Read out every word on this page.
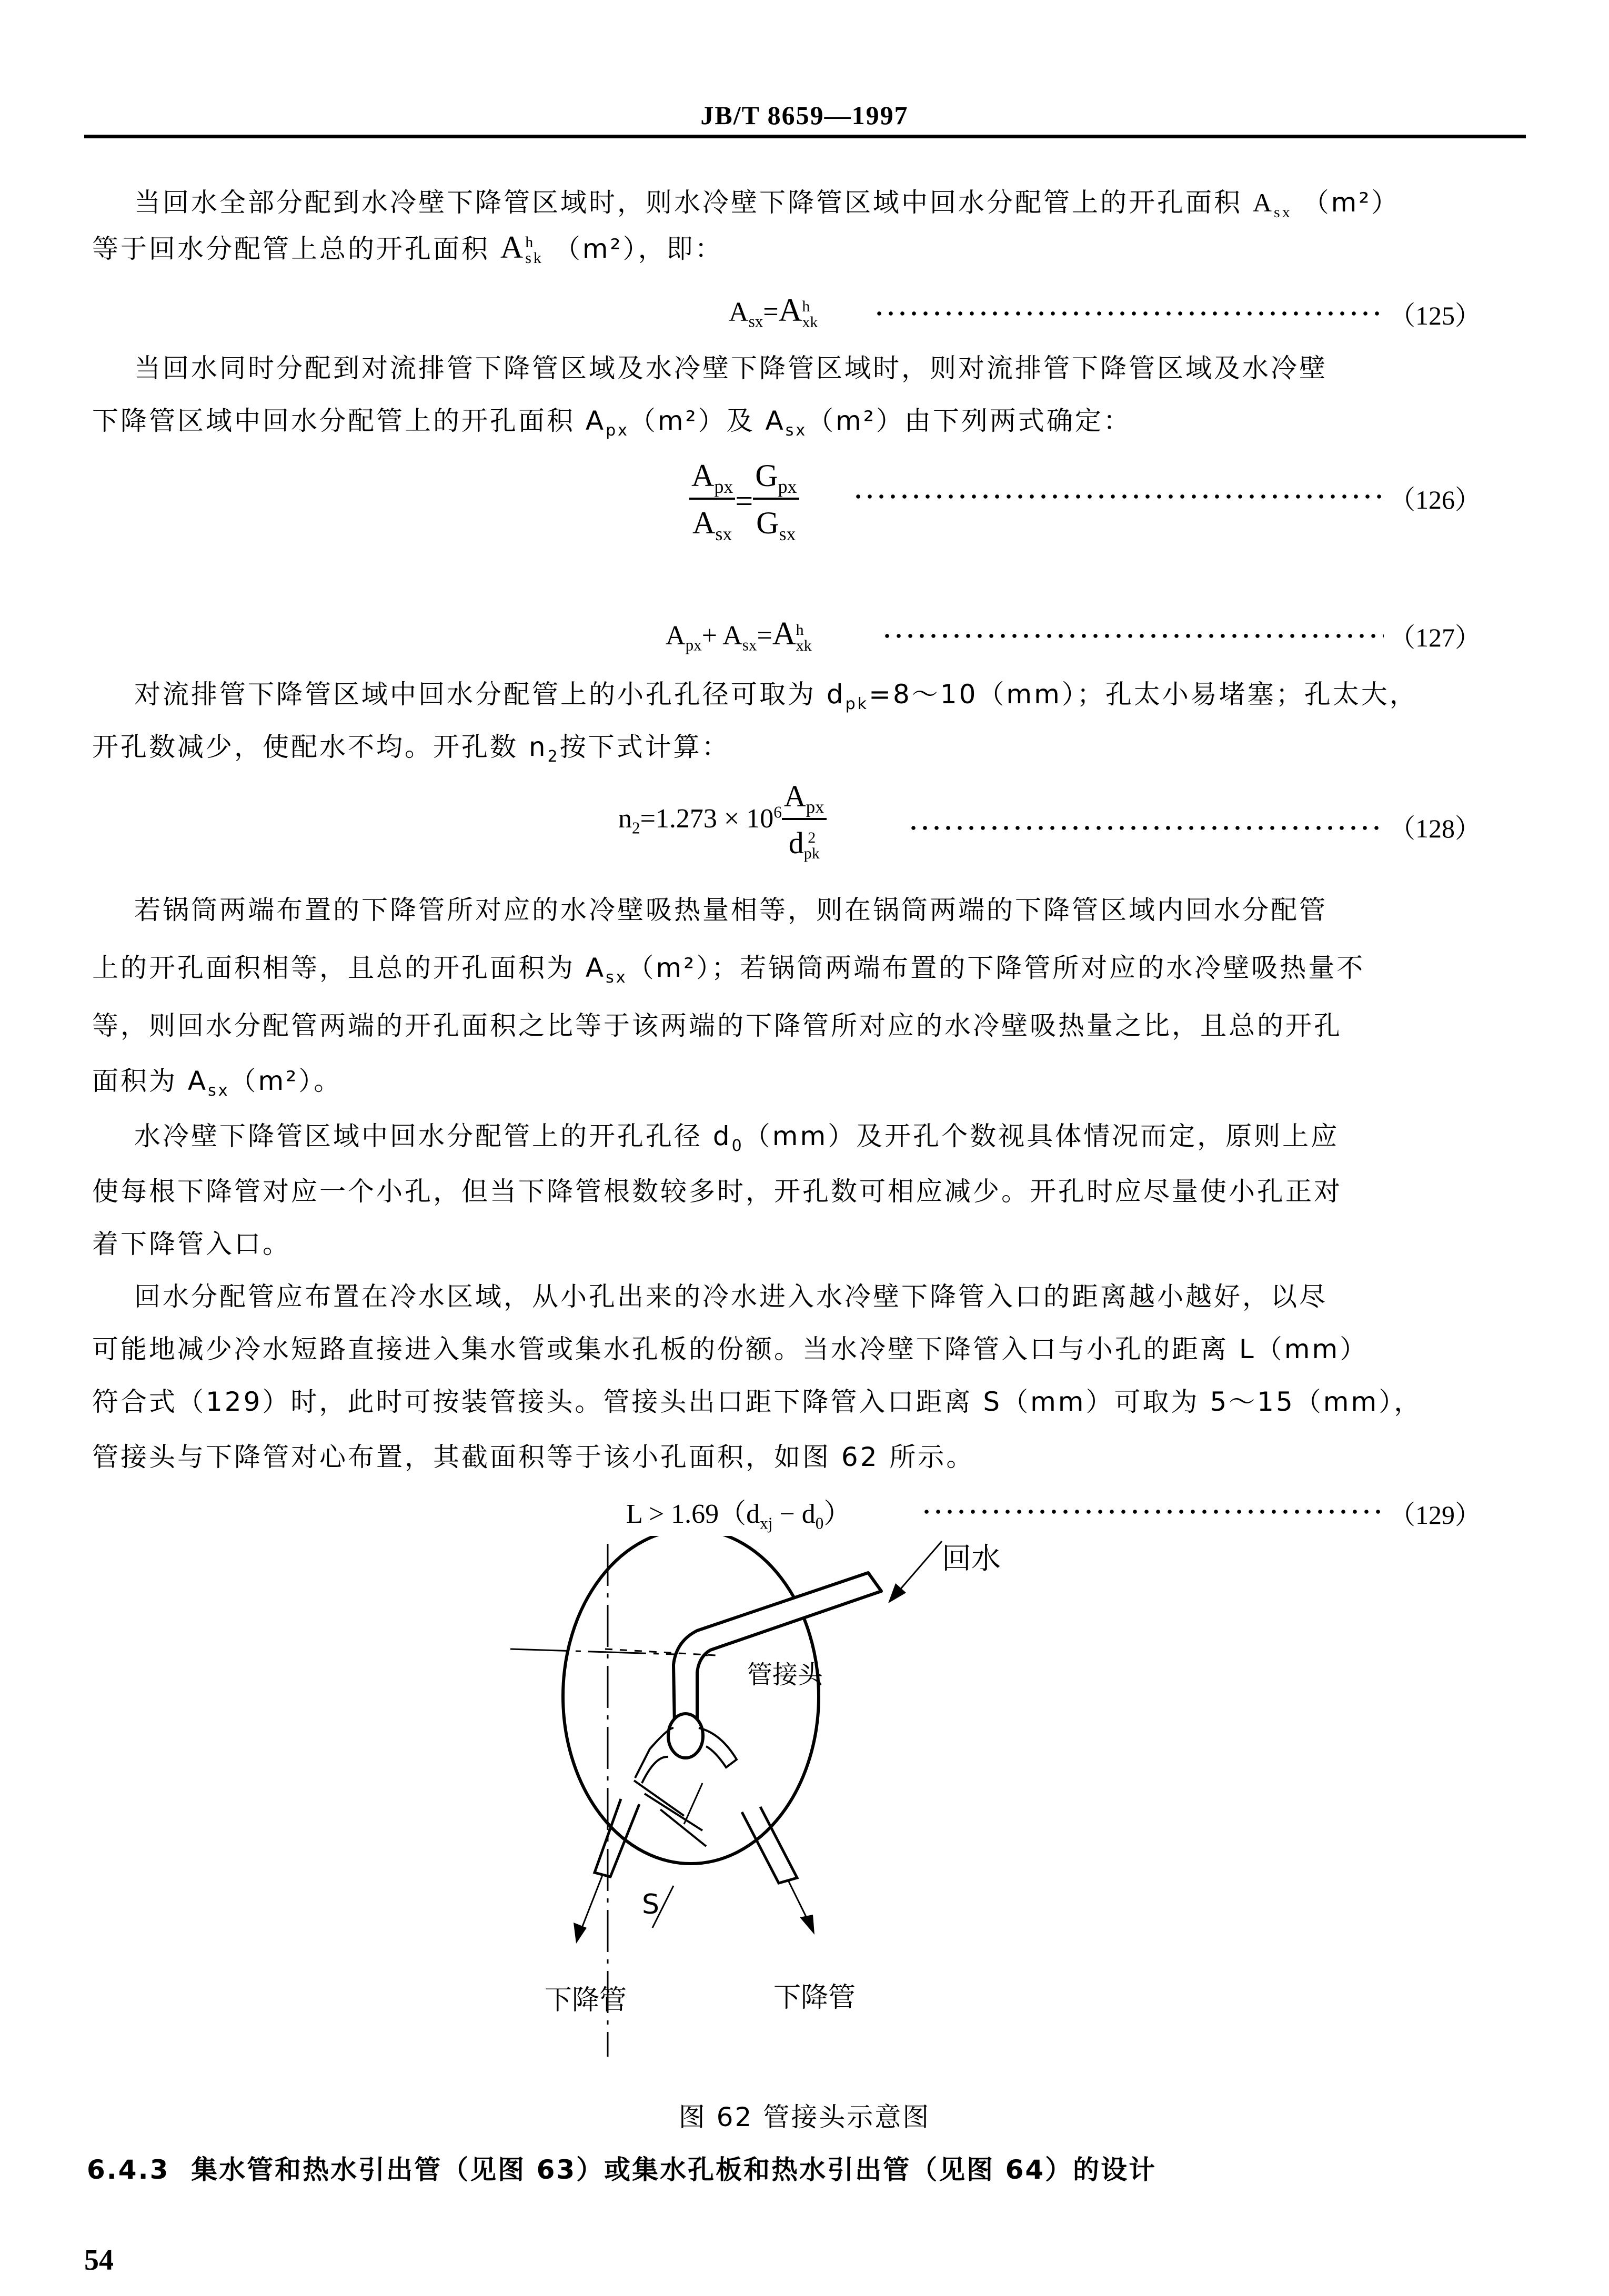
JB/T 8659—1997
当回水全部分配到水冷壁下降管区域时，则水冷壁下降管区域中回水分配管上的开孔面积 $A_{sx}$ （m²）
等于回水分配管上总的开孔面积 A h
sk （m²），即：
$A_{sx}=A$ h
xk	（125）
当回水同时分配到对流排管下降管区域及水冷壁下降管区域时，则对流排管下降管区域及水冷壁
下降管区域中回水分配管上的开孔面积 $A_{px}(m^2)$及 $A_{sx}(m^2)$由下列两式确定：
$\frac{A_{px}}{A_{sx}} = \frac{G_{px}}{G_{sx}}$	（126）
$A_{px}+ A_{sx}=A$ h
xk	（127）
对流排管下降管区域中回水分配管上的小孔孔径可取为 $d_{pk}=8\sim 10(mm)$；孔太小易堵塞；孔太大，
开孔数减少，使配水不均。开孔数 $n_2$按下式计算：
$n_2=1.273 \times 10^6$ $A_{px}$
d 2
pk	（128）
若锅筒两端布置的下降管所对应的水冷壁吸热量相等，则在锅筒两端的下降管区域内回水分配管
上的开孔面积相等，且总的开孔面积为 $A_{sx}(m^2)$；若锅筒两端布置的下降管所对应的水冷壁吸热量不
等，则回水分配管两端的开孔面积之比等于该两端的下降管所对应的水冷壁吸热量之比，且总的开孔
面积为 $A_{sx}(m^2)$。
水冷壁下降管区域中回水分配管上的开孔孔径 $d_0(mm)$及开孔个数视具体情况而定，原则上应
使每根下降管对应一个小孔，但当下降管根数较多时，开孔数可相应减少。开孔时应尽量使小孔正对
着下降管入口。
回水分配管应布置在冷水区域，从小孔出来的冷水进入水冷壁下降管入口的距离越小越好，以尽
可能地减少冷水短路直接进入集水管或集水孔板的份额。当水冷壁下降管入口与小孔的距离 L（mm）
符合式（129）时，此时可按装管接头。管接头出口距下降管入口距离 S（mm）可取为 5～15（mm），
管接头与下降管对心布置，其截面积等于该小孔面积，如图 62 所示。
$L > 1.69(d_{xj} - d_0)$	（129）
回水
管接头
S
下降管	下降管
图 62 管接头示意图
6.4.3 集水管和热水引出管（见图 63）或集水孔板和热水引出管（见图 64）的设计
54
